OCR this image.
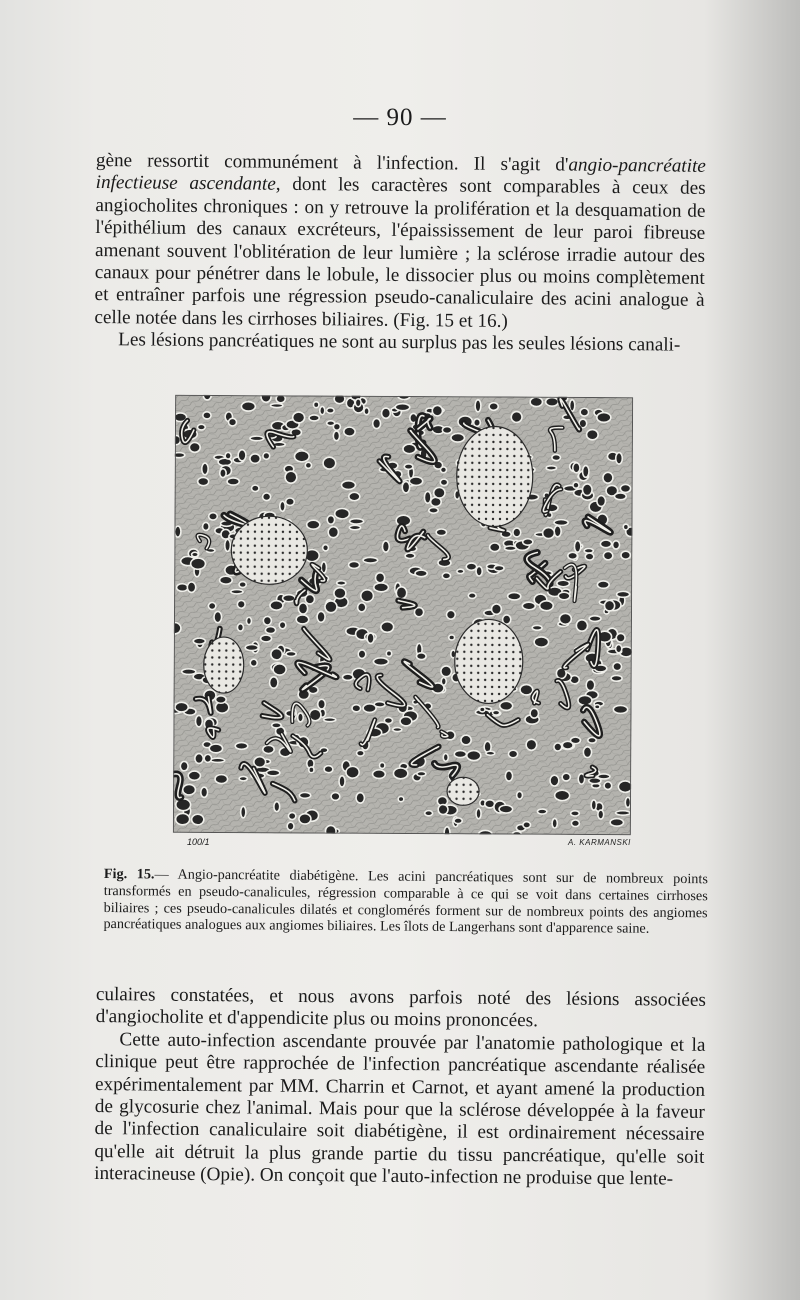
— 90 —

gène ressortit communément à l'infection. Il s'agit d'angio-pancréatite infectieuse ascendante, dont les caractères sont comparables à ceux des angiocholites chroniques : on y retrouve la prolifération et la desquamation de l'épithélium des canaux excréteurs, l'épaississement de leur paroi fibreuse amenant souvent l'oblitération de leur lumière ; la sclérose irradie autour des canaux pour pénétrer dans le lobule, le dissocier plus ou moins complètement et entraîner parfois une régression pseudo-canaliculaire des acini analogue à celle notée dans les cirrhoses biliaires. (Fig. 15 et 16.)

Les lésions pancréatiques ne sont au surplus pas les seules lésions canali-

100/1	A. KARMANSKI
Fig. 15.— Angio-pancréatite diabétigène. Les acini pancréatiques sont sur de nombreux points transformés en pseudo-canalicules, régression comparable à ce qui se voit dans certaines cirrhoses biliaires ; ces pseudo-canalicules dilatés et conglomérés forment sur de nombreux points des angiomes pancréatiques analogues aux angiomes biliaires. Les îlots de Langerhans sont d'apparence saine.

culaires constatées, et nous avons parfois noté des lésions associées d'angiocholite et d'appendicite plus ou moins prononcées.

Cette auto-infection ascendante prouvée par l'anatomie pathologique et la clinique peut être rapprochée de l'infection pancréatique ascendante réalisée expérimentalement par MM. Charrin et Carnot, et ayant amené la production de glycosurie chez l'animal. Mais pour que la sclérose développée à la faveur de l'infection canaliculaire soit diabétigène, il est ordinairement nécessaire qu'elle ait détruit la plus grande partie du tissu pancréatique, qu'elle soit interacineuse (Opie). On conçoit que l'auto-infection ne produise que lente-
